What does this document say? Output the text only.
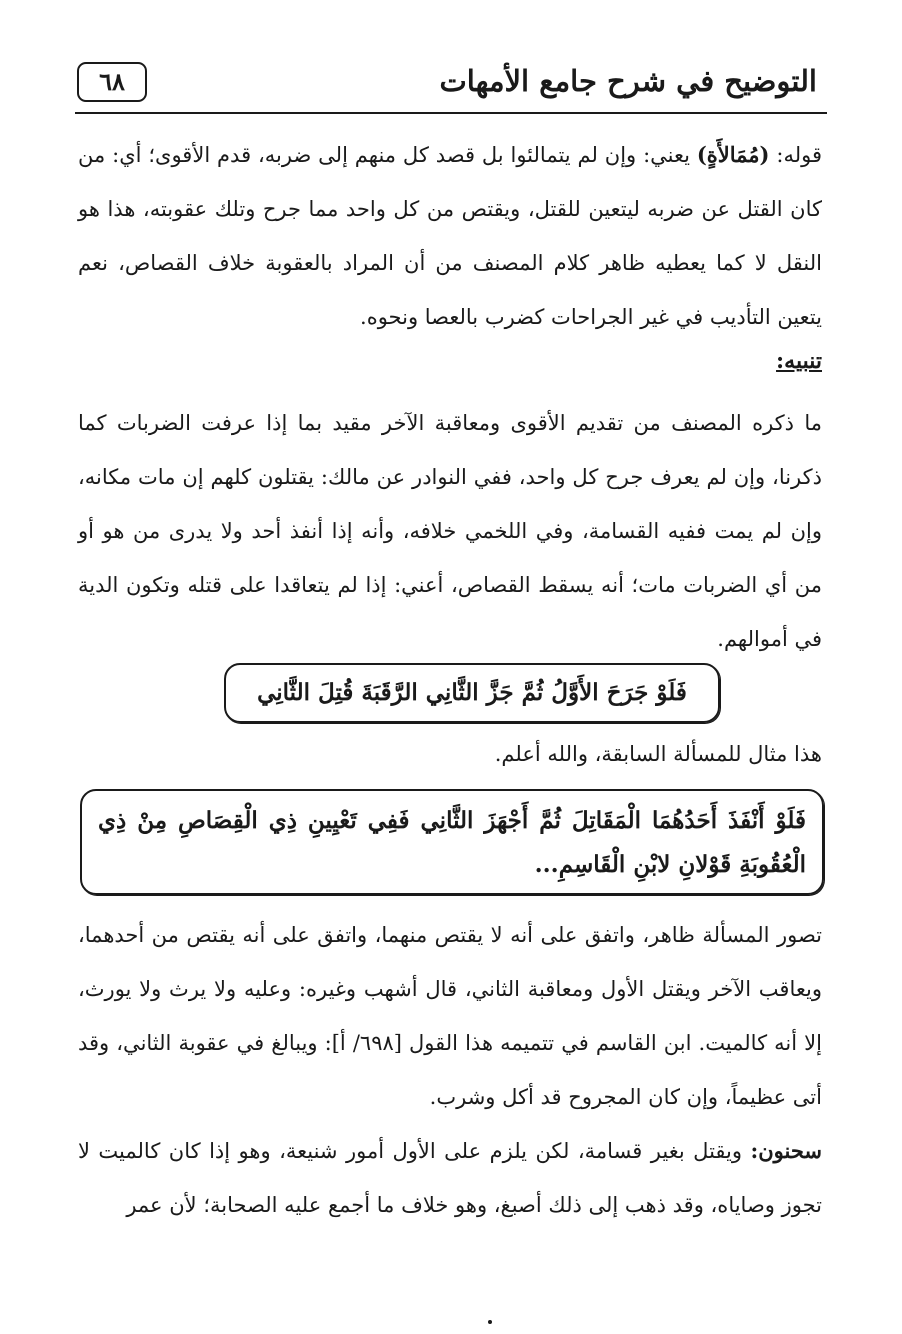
التوضيح في شرح جامع الأمهات
٦٨
قوله: (مُمَالأَةٍ) يعني: وإن لم يتمالئوا بل قصد كل منهم إلى ضربه، قدم الأقوى؛ أي: من كان القتل عن ضربه ليتعين للقتل، ويقتص من كل واحد مما جرح وتلك عقوبته، هذا هو النقل لا كما يعطيه ظاهر كلام المصنف من أن المراد بالعقوبة خلاف القصاص، نعم يتعين التأديب في غير الجراحات كضرب بالعصا ونحوه.
تنبيه:
ما ذكره المصنف من تقديم الأقوى ومعاقبة الآخر مقيد بما إذا عرفت الضربات كما ذكرنا، وإن لم يعرف جرح كل واحد، ففي النوادر عن مالك: يقتلون كلهم إن مات مكانه، وإن لم يمت ففيه القسامة، وفي اللخمي خلافه، وأنه إذا أنفذ أحد ولا يدرى من هو أو من أي الضربات مات؛ أنه يسقط القصاص، أعني: إذا لم يتعاقدا على قتله وتكون الدية في أموالهم.
فَلَوْ جَرَحَ الأَوَّلُ ثُمَّ جَزَّ الثَّانِي الرَّقَبَةَ قُتِلَ الثَّانِي
هذا مثال للمسألة السابقة، والله أعلم.
فَلَوْ أَنْفَذَ أَحَدُهُمَا الْمَقَاتِلَ ثُمَّ أَجْهَزَ الثَّانِي فَفِي تَعْيِينِ ذِي الْقِصَاصِ مِنْ ذِي الْعُقُوبَةِ قَوْلانِ لابْنِ الْقَاسِمِ...
تصور المسألة ظاهر، واتفق على أنه لا يقتص منهما، واتفق على أنه يقتص من أحدهما، ويعاقب الآخر ويقتل الأول ومعاقبة الثاني، قال أشهب وغيره: وعليه ولا يرث ولا يورث، إلا أنه كالميت. ابن القاسم في تتميمه هذا القول [٦٩٨/ أ]: ويبالغ في عقوبة الثاني، وقد أتى عظيماً، وإن كان المجروح قد أكل وشرب.
سحنون: ويقتل بغير قسامة، لكن يلزم على الأول أمور شنيعة، وهو إذا كان كالميت لا تجوز وصاياه، وقد ذهب إلى ذلك أصبغ، وهو خلاف ما أجمع عليه الصحابة؛ لأن عمر
